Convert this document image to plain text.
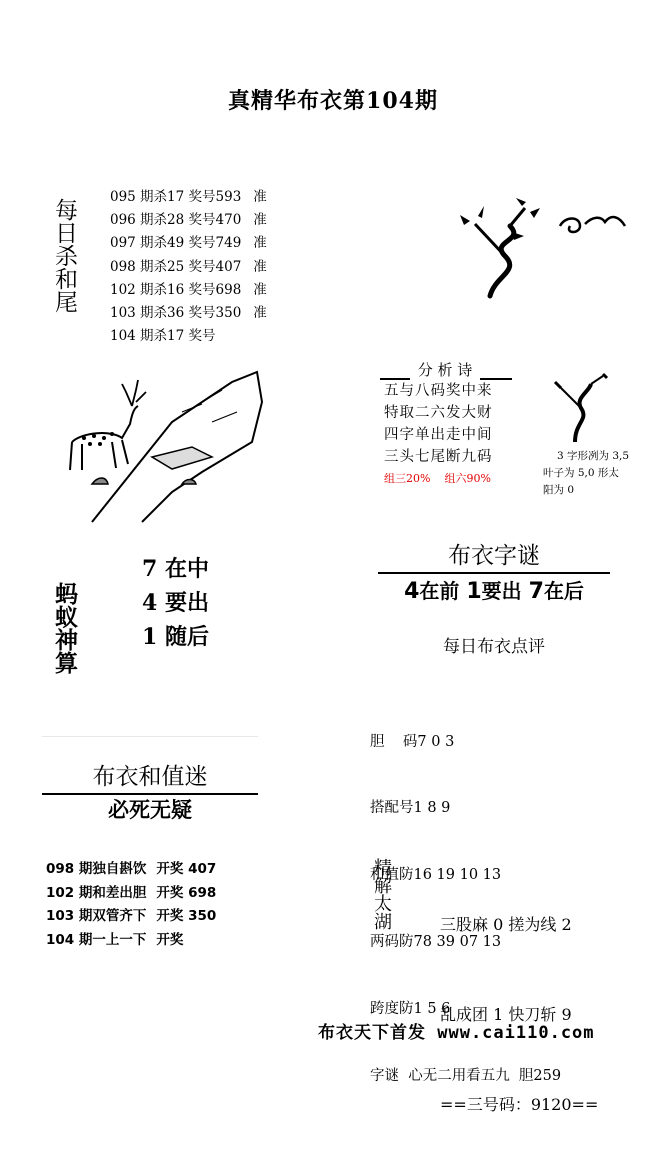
真精华布衣第104期
每日杀和尾
095 期杀17 奖号593 准
096 期杀28 奖号470 准
097 期杀49 奖号749 准
098 期杀25 奖号407 准
102 期杀16 奖号698 准
103 期杀36 奖号350 准
104 期杀17 奖号
分 析 诗
五与八码奖中来
特取二六发大财
四字单出走中间
三头七尾断九码
组三20% 组六90%
3 字形冽为 3,5
叶子为 5,0 形太
阳为 0
蚂蚁神算
7 在中
4 要出
1 随后
布衣字谜
4在前 1要出 7在后
每日布衣点评

胆    码7 0 3

搭配号1 8 9

和值防16 19 10 13

两码防78 39 07 13

跨度防1 5 6

字谜  心无二用看五九  胆259

布衣和值迷
必死无疑
098 期独自斟饮 开奖 407
102 期和差出胆 开奖 698
103 期双管齐下 开奖 350
104 期一上一下 开奖
精解太湖

	三股麻 0 搓为线 2

乱成团 1 快刀斩 9

==三号码：9120==

布衣天下首发 www.cai110.com
